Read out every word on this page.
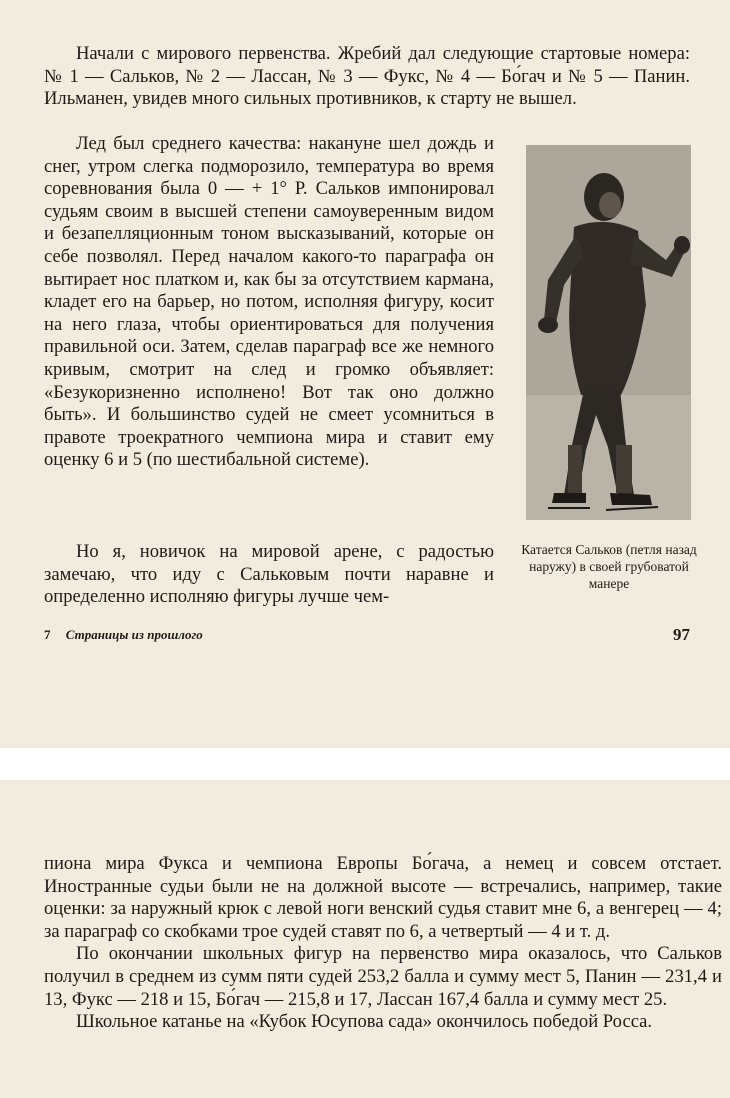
Начали с мирового первенства. Жребий дал следующие стартовые номера: № 1 — Сальков, № 2 — Лассан, № 3 — Фукс, № 4 — Бо́гач и № 5 — Панин. Ильманен, увидев много сильных противников, к старту не вышел.

Лед был среднего качества: накануне шел дождь и снег, утром слегка подморозило, температура во время соревнования была 0 — + 1° Р. Сальков импонировал судьям своим в высшей степени самоуверенным видом и безапелляционным тоном высказываний, которые он себе позволял. Перед началом какого-то параграфа он вытирает нос платком и, как бы за отсутствием кармана, кладет его на барьер, но потом, исполняя фигуру, косит на него глаза, чтобы ориентироваться для получения правильной оси. Затем, сделав параграф все же немного кривым, смотрит на след и громко объявляет: «Безукоризненно исполнено! Вот так оно должно быть». И большинство судей не смеет усомниться в правоте троекратного чемпиона мира и ставит ему оценку 6 и 5 (по шестибальной системе).

Но я, новичок на мировой арене, с радостью замечаю, что иду с Сальковым почти наравне и определенно исполняю фигуры лучше чем-

Катается Сальков (петля назад наружу) в своей грубоватой манере
7 Страницы из прошлого	97

пиона мира Фукса и чемпиона Европы Бо́гача, а немец и совсем отстает. Иностранные судьи были не на должной высоте — встречались, например, такие оценки: за наружный крюк с левой ноги венский судья ставит мне 6, а венгерец — 4; за параграф со скобками трое судей ставят по 6, а четвертый — 4 и т. д.

По окончании школьных фигур на первенство мира оказалось, что Сальков получил в среднем из сумм пяти судей 253,2 балла и сумму мест 5, Панин — 231,4 и 13, Фукс — 218 и 15, Бо́гач — 215,8 и 17, Лассан 167,4 балла и сумму мест 25.

Школьное катанье на «Кубок Юсупова сада» окончилось победой Росса.
